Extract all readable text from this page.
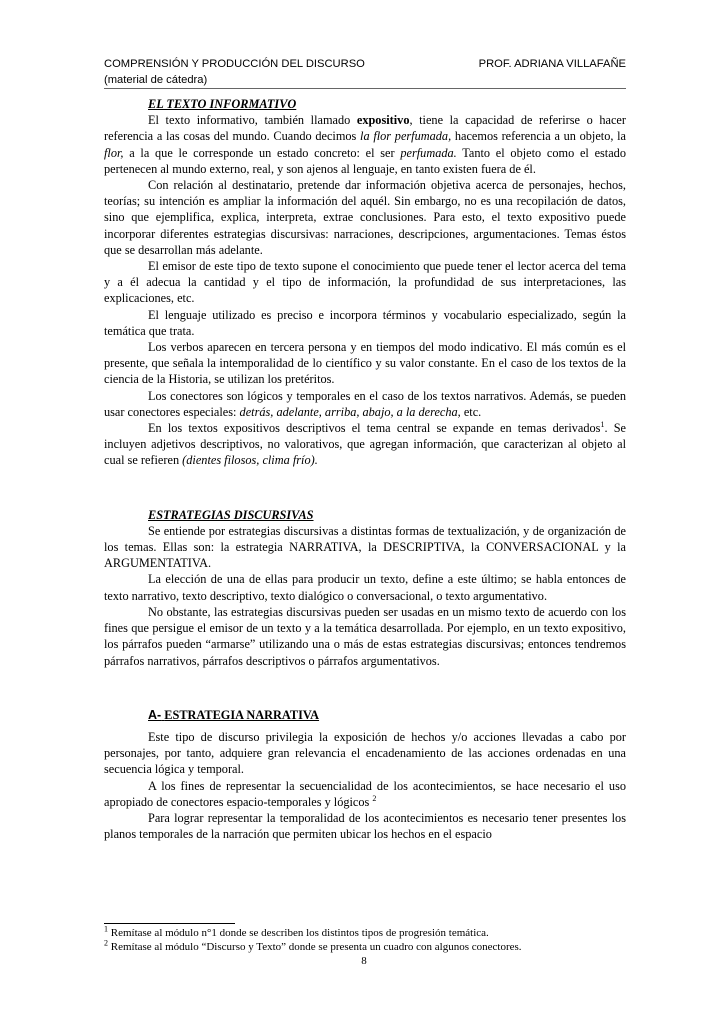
COMPRENSIÓN Y PRODUCCIÓN DEL DISCURSO	PROF. ADRIANA VILLAFAÑE
(material de cátedra)
EL TEXTO INFORMATIVO

El texto informativo, también llamado expositivo, tiene la capacidad de referirse o hacer referencia a las cosas del mundo. Cuando decimos la flor perfumada, hacemos referencia a un objeto, la flor, a la que le corresponde un estado concreto: el ser perfumada. Tanto el objeto como el estado pertenecen al mundo externo, real, y son ajenos al lenguaje, en tanto existen fuera de él.

Con relación al destinatario, pretende dar información objetiva acerca de personajes, hechos, teorías; su intención es ampliar la información del aquél. Sin embargo, no es una recopilación de datos, sino que ejemplifica, explica, interpreta, extrae conclusiones. Para esto, el texto expositivo puede incorporar diferentes estrategias discursivas: narraciones, descripciones, argumentaciones. Temas éstos que se desarrollan más adelante.

El emisor de este tipo de texto supone el conocimiento que puede tener el lector acerca del tema y a él adecua la cantidad y el tipo de información, la profundidad de sus interpretaciones, las explicaciones, etc.

El lenguaje utilizado es preciso e incorpora términos y vocabulario especializado, según la temática que trata.

Los verbos aparecen en tercera persona y en tiempos del modo indicativo. El más común es el presente, que señala la intemporalidad de lo científico y su valor constante. En el caso de los textos de la ciencia de la Historia, se utilizan los pretéritos.

Los conectores son lógicos y temporales en el caso de los textos narrativos. Además, se pueden usar conectores especiales: detrás, adelante, arriba, abajo, a la derecha, etc.

En los textos expositivos descriptivos el tema central se expande en temas derivados$^1$. Se incluyen adjetivos descriptivos, no valorativos, que agregan información, que caracterizan al objeto al cual se refieren (dientes filosos, clima frío).

ESTRATEGIAS DISCURSIVAS

Se entiende por estrategias discursivas a distintas formas de textualización, y de organización de los temas. Ellas son: la estrategia NARRATIVA, la DESCRIPTIVA, la CONVERSACIONAL y la ARGUMENTATIVA.

La elección de una de ellas para producir un texto, define a este último; se habla entonces de texto narrativo, texto descriptivo, texto dialógico o conversacional, o texto argumentativo.

No obstante, las estrategias discursivas pueden ser usadas en un mismo texto de acuerdo con los fines que persigue el emisor de un texto y a la temática desarrollada. Por ejemplo, en un texto expositivo, los párrafos pueden “armarse” utilizando una o más de estas estrategias discursivas; entonces tendremos párrafos narrativos, párrafos descriptivos o párrafos argumentativos.

A- ESTRATEGIA NARRATIVA

Este tipo de discurso privilegia la exposición de hechos y/o acciones llevadas a cabo por personajes, por tanto, adquiere gran relevancia el encadenamiento de las acciones ordenadas en una secuencia lógica y temporal.

A los fines de representar la secuencialidad de los acontecimientos, se hace necesario el uso apropiado de conectores espacio-temporales y lógicos $^2$

Para lograr representar la temporalidad de los acontecimientos es necesario tener presentes los planos temporales de la narración que permiten ubicar los hechos en el espacio

$^1$ Remítase al módulo n°1 donde se describen los distintos tipos de progresión temática.
$^2$ Remítase al módulo “Discurso y Texto” donde se presenta un cuadro con algunos conectores.
8
